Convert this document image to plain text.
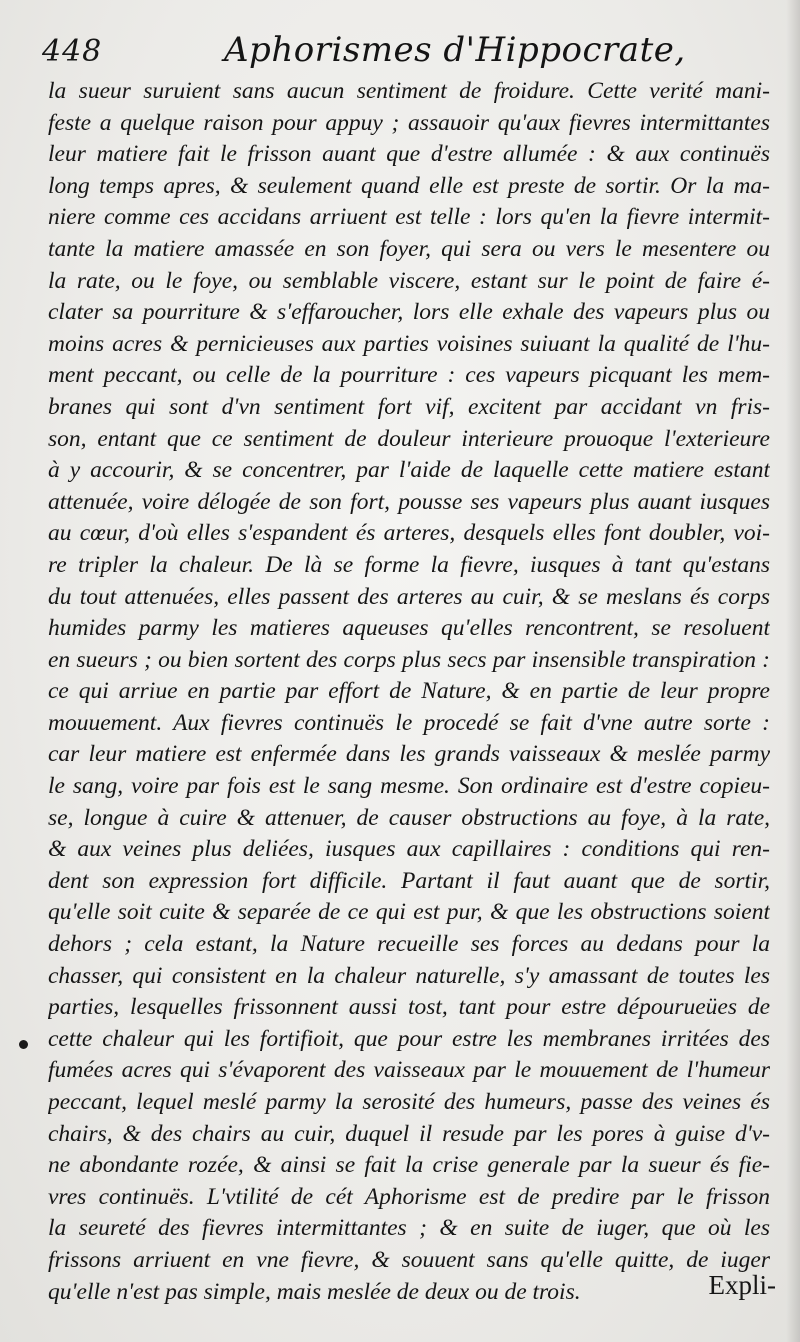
448	Aphorismes d'Hippocrate,
la sueur suruient sans aucun sentiment de froidure. Cette verité mani-
feste a quelque raison pour appuy ; assauoir qu'aux fievres intermittantes
leur matiere fait le frisson auant que d'estre allumée : & aux continuës
long temps apres, & seulement quand elle est preste de sortir. Or la ma-
niere comme ces accidans arriuent est telle : lors qu'en la fievre intermit-
tante la matiere amassée en son foyer, qui sera ou vers le mesentere ou
la rate, ou le foye, ou semblable viscere, estant sur le point de faire é-
clater sa pourriture & s'effaroucher, lors elle exhale des vapeurs plus ou
moins acres & pernicieuses aux parties voisines suiuant la qualité de l'hu-
ment peccant, ou celle de la pourriture : ces vapeurs picquant les mem-
branes qui sont d'vn sentiment fort vif, excitent par accidant vn fris-
son, entant que ce sentiment de douleur interieure prouoque l'exterieure
à y accourir, & se concentrer, par l'aide de laquelle cette matiere estant
attenuée, voire délogée de son fort, pousse ses vapeurs plus auant iusques
au cœur, d'où elles s'espandent és arteres, desquels elles font doubler, voi-
re tripler la chaleur. De là se forme la fievre, iusques à tant qu'estans
du tout attenuées, elles passent des arteres au cuir, & se meslans és corps
humides parmy les matieres aqueuses qu'elles rencontrent, se resoluent
en sueurs ; ou bien sortent des corps plus secs par insensible transpiration :
ce qui arriue en partie par effort de Nature, & en partie de leur propre
mouuement. Aux fievres continuës le procedé se fait d'vne autre sorte :
car leur matiere est enfermée dans les grands vaisseaux & meslée parmy
le sang, voire par fois est le sang mesme. Son ordinaire est d'estre copieu-
se, longue à cuire & attenuer, de causer obstructions au foye, à la rate,
& aux veines plus deliées, iusques aux capillaires : conditions qui ren-
dent son expression fort difficile. Partant il faut auant que de sortir,
qu'elle soit cuite & separée de ce qui est pur, & que les obstructions soient
dehors ; cela estant, la Nature recueille ses forces au dedans pour la
chasser, qui consistent en la chaleur naturelle, s'y amassant de toutes les
parties, lesquelles frissonnent aussi tost, tant pour estre dépourueües de
cette chaleur qui les fortifioit, que pour estre les membranes irritées des
fumées acres qui s'évaporent des vaisseaux par le mouuement de l'humeur
peccant, lequel meslé parmy la serosité des humeurs, passe des veines és
chairs, & des chairs au cuir, duquel il resude par les pores à guise d'v-
ne abondante rozée, & ainsi se fait la crise generale par la sueur és fie-
vres continuës. L'vtilité de cét Aphorisme est de predire par le frisson
la seureté des fievres intermittantes ; & en suite de iuger, que où les
frissons arriuent en vne fievre, & souuent sans qu'elle quitte, de iuger
qu'elle n'est pas simple, mais meslée de deux ou de trois.	Expli-
